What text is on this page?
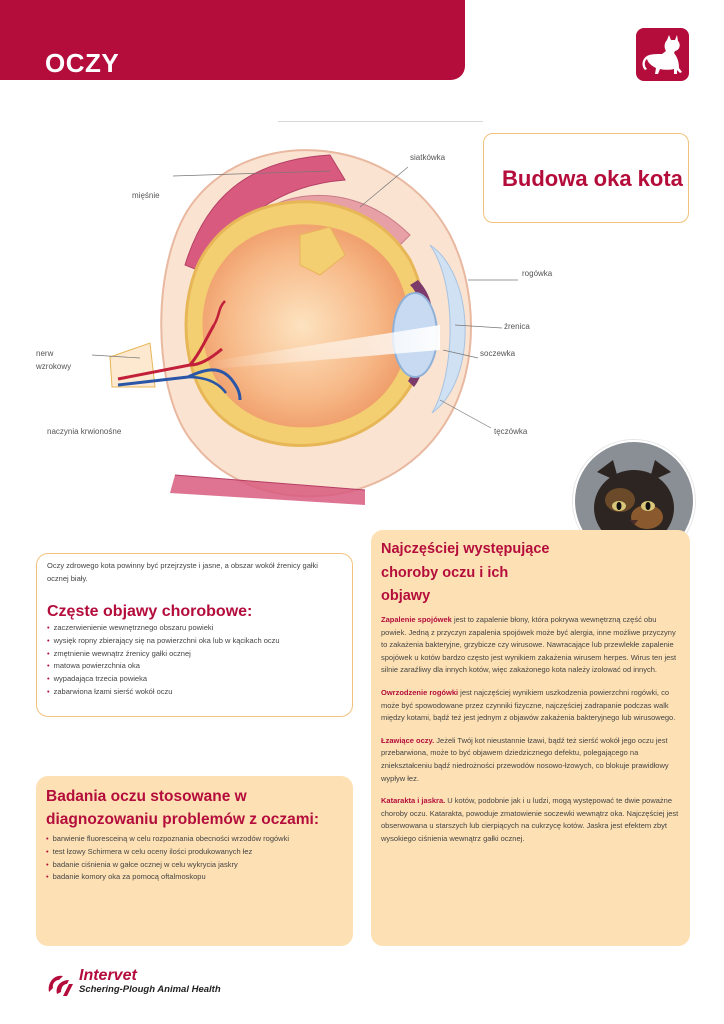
OCZY
Budowa oka kota
siatkówka
mięśnie
rogówka
źrenica
nerw wzrokowy
soczewka
naczynia krwionośne	tęczówka
Oczy zdrowego kota powinny być przejrzyste i jasne, a obszar wokół źrenicy gałki ocznej biały.
Częste objawy chorobowe:
• zaczerwienienie wewnętrznego obszaru powieki
• wysięk ropny zbierający się na powierzchni oka lub w kącikach oczu
• zmętnienie wewnątrz źrenicy gałki ocznej
• matowa powierzchnia oka
• wypadająca trzecia powieka
• zabarwiona łzami sierść wokół oczu
Badania oczu stosowane w diagnozowaniu problemów z oczami:
• barwienie fluoresceiną w celu rozpoznania obecności wrzodów rogówki
• test łzowy Schirmera w celu oceny ilości produkowanych łez
• badanie ciśnienia w gałce ocznej w celu wykrycia jaskry
• badanie komory oka za pomocą oftalmoskopu
Najczęściej występujące choroby oczu i ich objawy

Zapalenie spojówek jest to zapalenie błony, która pokrywa wewnętrzną część obu powiek. Jedną z przyczyn zapalenia spojówek może być alergia, inne możliwe przyczyny to zakażenia bakteryjne, grzybicze czy wirusowe. Nawracające lub przewlekłe zapalenie spojówek u kotów bardzo często jest wynikiem zakażenia wirusem herpes. Wirus ten jest silnie zaraźliwy dla innych kotów, więc zakażonego kota należy izolować od innych.

Owrzodzenie rogówki jest najczęściej wynikiem uszkodzenia powierzchni rogówki, co może być spowodowane przez czynniki fizyczne, najczęściej zadrapanie podczas walk między kotami, bądź też jest jednym z objawów zakażenia bakteryjnego lub wirusowego.

Łzawiące oczy. Jeżeli Twój kot nieustannie łzawi, bądź też sierść wokół jego oczu jest przebarwiona, może to być objawem dziedzicznego defektu, polegającego na zniekształceniu bądź niedrożności przewodów nosowo-łzowych, co blokuje prawidłowy wypływ łez.

Katarakta i jaskra. U kotów, podobnie jak i u ludzi, mogą występować te dwie poważne choroby oczu. Katarakta, powoduje zmatowienie soczewki wewnątrz oka. Najczęściej jest obserwowana u starszych lub cierpiących na cukrzycę kotów. Jaskra jest efektem zbyt wysokiego ciśnienia wewnątrz gałki ocznej.

Intervet
Schering-Plough Animal Health
